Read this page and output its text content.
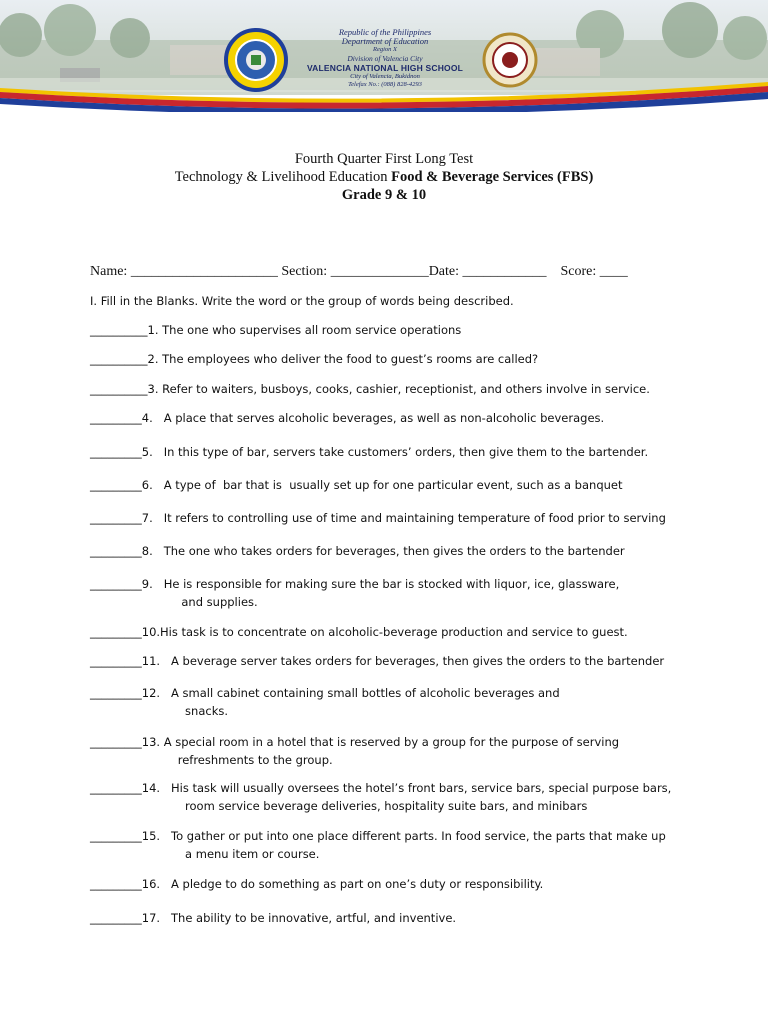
Republic of the Philippines
Department of Education
Region X
Division of Valencia City
VALENCIA NATIONAL HIGH SCHOOL
City of Valencia, Bukidnon
Telefax No.: (088) 828-4293
Fourth Quarter First Long Test
Technology & Livelihood Education Food & Beverage Services (FBS)
Grade 9 & 10
Name: _____________________ Section: ______________Date: ____________    Score: ____
I. Fill in the Blanks. Write the word or the group of words being described.
__________1. The one who supervises all room service operations
__________2. The employees who deliver the food to guest’s rooms are called?
__________3. Refer to waiters, busboys, cooks, cashier, receptionist, and others involve in service.
_________4.   A place that serves alcoholic beverages, as well as non-alcoholic beverages.
_________5.   In this type of bar, servers take customers’ orders, then give them to the bartender.
_________6.   A type of  bar that is  usually set up for one particular event, such as a banquet
_________7.   It refers to controlling use of time and maintaining temperature of food prior to serving
_________8.   The one who takes orders for beverages, then gives the orders to the bartender
_________9.   He is responsible for making sure the bar is stocked with liquor, ice, glassware,
and supplies.
_________10.His task is to concentrate on alcoholic-beverage production and service to guest.
_________11.   A beverage server takes orders for beverages, then gives the orders to the bartender
_________12.   A small cabinet containing small bottles of alcoholic beverages and
snacks.
_________13. A special room in a hotel that is reserved by a group for the purpose of serving
refreshments to the group.
_________14.   His task will usually oversees the hotel’s front bars, service bars, special purpose bars,
room service beverage deliveries, hospitality suite bars, and minibars
_________15.   To gather or put into one place different parts. In food service, the parts that make up
a menu item or course.
_________16.   A pledge to do something as part on one’s duty or responsibility.
_________17.   The ability to be innovative, artful, and inventive.
